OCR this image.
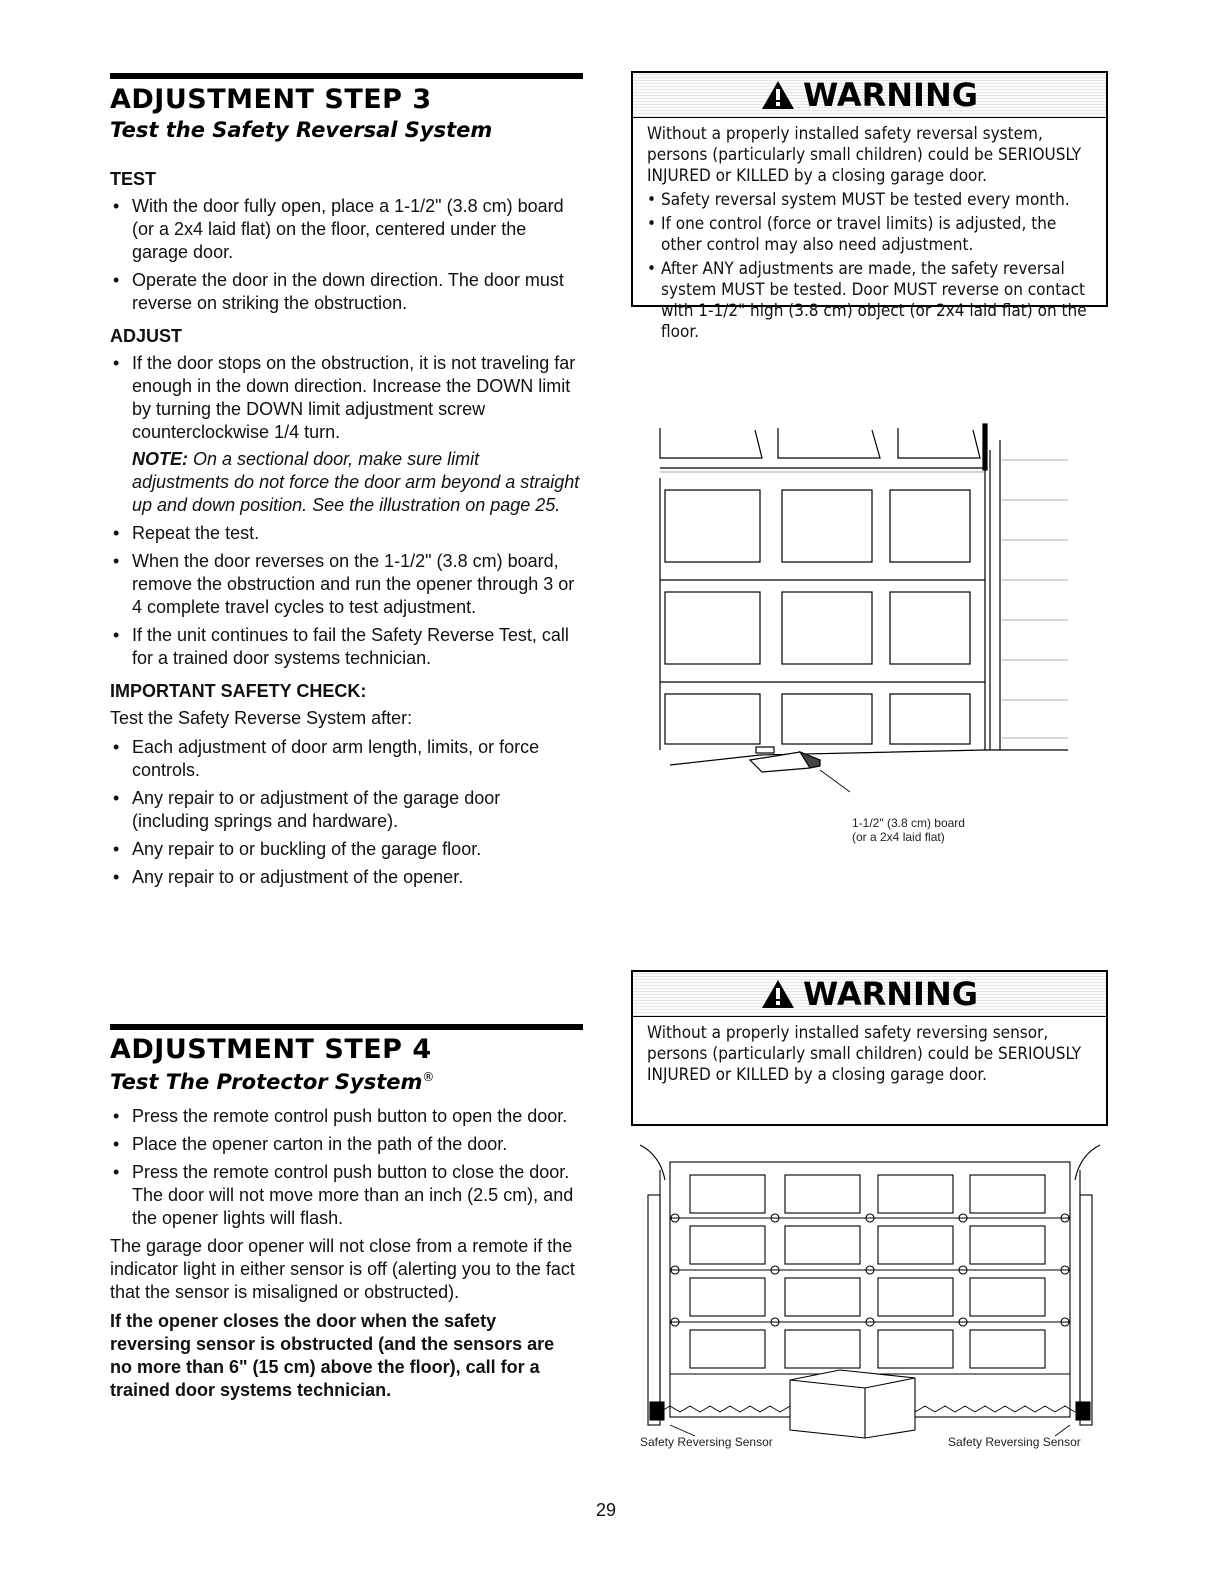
ADJUSTMENT STEP 3
Test the Safety Reversal System
TEST
• With the door fully open, place a 1-1/2" (3.8 cm) board (or a 2x4 laid flat) on the floor, centered under the garage door.
• Operate the door in the down direction. The door must reverse on striking the obstruction.
ADJUST
• If the door stops on the obstruction, it is not traveling far enough in the down direction. Increase the DOWN limit by turning the DOWN limit adjustment screw counterclockwise 1/4 turn.
NOTE: On a sectional door, make sure limit adjustments do not force the door arm beyond a straight up and down position. See the illustration on page 25.
• Repeat the test.
• When the door reverses on the 1-1/2" (3.8 cm) board, remove the obstruction and run the opener through 3 or 4 complete travel cycles to test adjustment.
• If the unit continues to fail the Safety Reverse Test, call for a trained door systems technician.
IMPORTANT SAFETY CHECK:

Test the Safety Reverse System after:

• Each adjustment of door arm length, limits, or force controls.
• Any repair to or adjustment of the garage door (including springs and hardware).
• Any repair to or buckling of the garage floor.
• Any repair to or adjustment of the opener.
ADJUSTMENT STEP 4
Test The Protector System®
• Press the remote control push button to open the door.
• Place the opener carton in the path of the door.
• Press the remote control push button to close the door. The door will not move more than an inch (2.5 cm), and the opener lights will flash.

The garage door opener will not close from a remote if the indicator light in either sensor is off (alerting you to the fact that the sensor is misaligned or obstructed).

If the opener closes the door when the safety reversing sensor is obstructed (and the sensors are no more than 6" (15 cm) above the floor), call for a trained door systems technician.

WARNING

Without a properly installed safety reversal system, persons (particularly small children) could be SERIOUSLY INJURED or KILLED by a closing garage door.

• Safety reversal system MUST be tested every month.
• If one control (force or travel limits) is adjusted, the other control may also need adjustment.
• After ANY adjustments are made, the safety reversal system MUST be tested. Door MUST reverse on contact with 1-1/2" high (3.8 cm) object (or 2x4 laid flat) on the floor.
1-1/2" (3.8 cm) board
(or a 2x4 laid flat)
WARNING

Without a properly installed safety reversing sensor, persons (particularly small children) could be SERIOUSLY INJURED or KILLED by a closing garage door.

Safety Reversing Sensor	Safety Reversing Sensor
29
